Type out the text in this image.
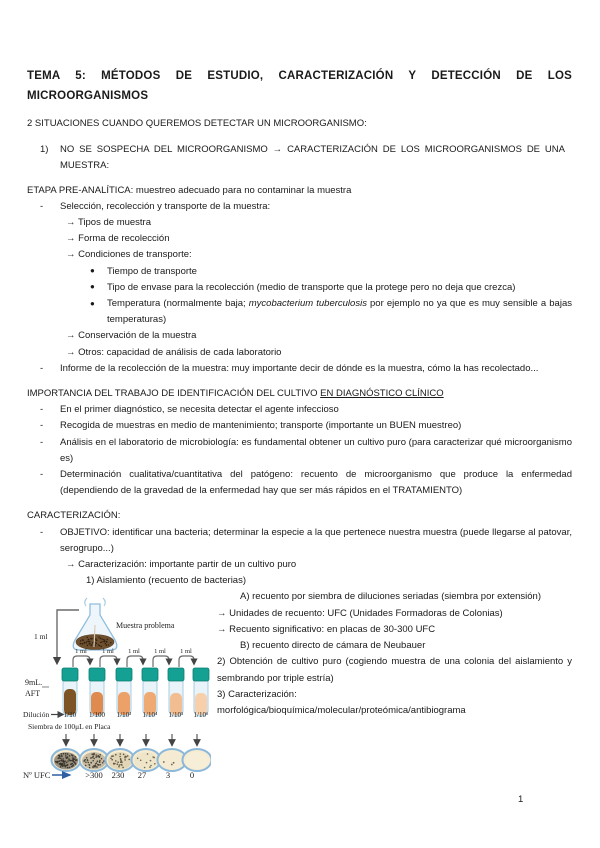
TEMA 5: MÉTODOS DE ESTUDIO, CARACTERIZACIÓN Y DETECCIÓN DE LOS MICROORGANISMOS

2 SITUACIONES CUANDO QUEREMOS DETECTAR UN MICROORGANISMO:

1) NO SE SOSPECHA DEL MICROORGANISMO → CARACTERIZACIÓN DE LOS MICROORGANISMOS DE UNA MUESTRA:

ETAPA PRE-ANALÍTICA: muestreo adecuado para no contaminar la muestra

- Selección, recolección y transporte de la muestra:

→ Tipos de muestra

→ Forma de recolección

→ Condiciones de transporte:

● Tiempo de transporte

● Tipo de envase para la recolección (medio de transporte que la protege pero no deja que crezca)

● Temperatura (normalmente baja; mycobacterium tuberculosis por ejemplo no ya que es muy sensible a bajas temperaturas)

→ Conservación de la muestra

→ Otros: capacidad de análisis de cada laboratorio

- Informe de la recolección de la muestra: muy importante decir de dónde es la muestra, cómo la has recolectado...

IMPORTANCIA DEL TRABAJO DE IDENTIFICACIÓN DEL CULTIVO EN DIAGNÓSTICO CLÍNICO

- En el primer diagnóstico, se necesita detectar el agente infeccioso

- Recogida de muestras en medio de mantenimiento; transporte (importante un BUEN muestreo)

- Análisis en el laboratorio de microbiología: es fundamental obtener un cultivo puro (para caracterizar qué microorganismo es)

- Determinación cualitativa/cuantitativa del patógeno: recuento de microorganismo que produce la enfermedad (dependiendo de la gravedad de la enfermedad hay que ser más rápidos en el TRATAMIENTO)

CARACTERIZACIÓN:

- OBJETIVO: identificar una bacteria; determinar la especie a la que pertenece nuestra muestra (puede llegarse al patovar, serogrupo...)

→ Caracterización: importante partir de un cultivo puro

1) Aislamiento (recuento de bacterias)

1 ml
Muestra problema
1 ml 1 ml 1 ml 1 ml 1 ml
9mL.
AFT
Dilución 1/10 1/100 1/10³ 1/10⁴ 1/10⁵ 1/10⁶
Siembra de 100μL en Placa
Nº UFC	>300 230 27 3 0

A) recuento por siembra de diluciones seriadas (siembra por extensión)

→ Unidades de recuento: UFC (Unidades Formadoras de Colonias)

→ Recuento significativo: en placas de 30-300 UFC

B) recuento directo de cámara de Neubauer

2) Obtención de cultivo puro (cogiendo muestra de una colonia del aislamiento y sembrando por triple estría)

3) Caracterización:

morfológica/bioquímica/molecular/proteómica/antibiograma

1
